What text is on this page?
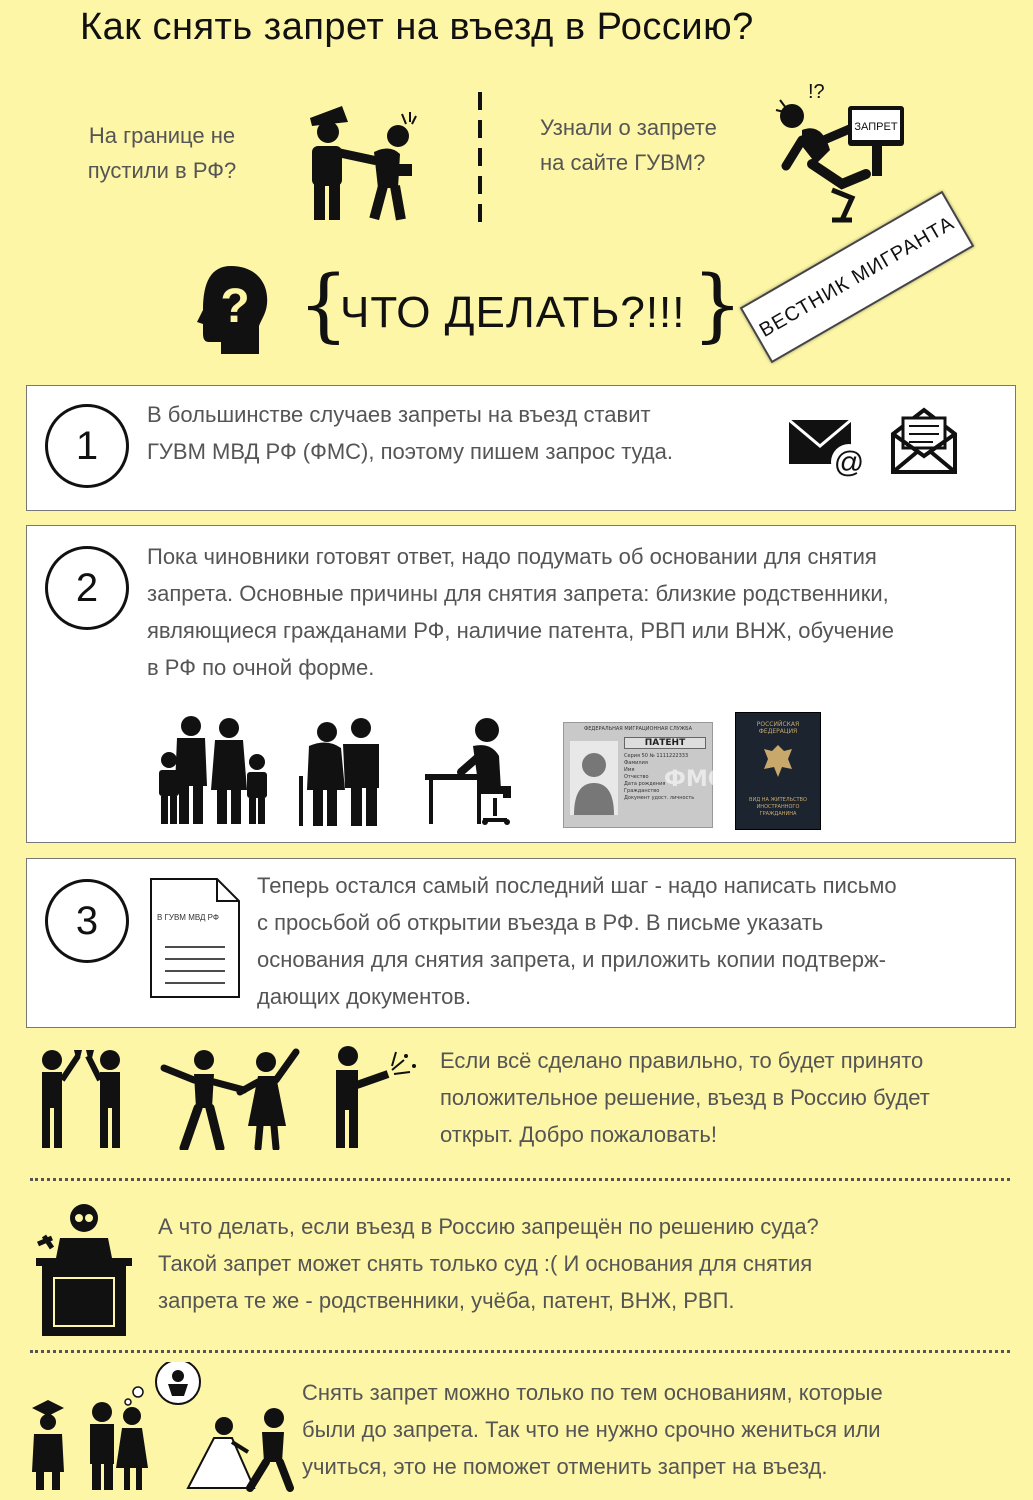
Как снять запрет на въезд в Россию?
На границе не
пустили в РФ?
Узнали о запрете
на сайте ГУВМ?
ЗАПРЕТ
!?
? {
ЧТО ДЕЛАТЬ?!!! } ВЕСТНИК МИГРАНТА
1
В большинстве случаев запреты на въезд ставит
ГУВМ МВД РФ (ФМС), поэтому пишем запрос туда.	@
2
Пока чиновники готовят ответ, надо подумать об основании для снятия
запрета. Основные причины для снятия запрета: близкие родственники,
являющиеся гражданами РФ, наличие патента, РВП или ВНЖ, обучение
в РФ по очной форме.
ФЕДЕРАЛЬНАЯ МИГРАЦИОННАЯ СЛУЖБА
ПАТЕНТ
Серия 50 № 1111222333
Фамилия
Имя
Отчество
Дата рождения
Гражданство
Документ удост. личность
ФМС
РОССИЙСКАЯ
ФЕДЕРАЦИЯ
ВИД НА ЖИТЕЛЬСТВО
ИНОСТРАННОГО
ГРАЖДАНИНА
3	В ГУВМ МВД РФ
Теперь остался самый последний шаг - надо написать письмо
с просьбой об открытии въезда в РФ. В письме указать
основания для снятия запрета, и приложить копии подтверж-
дающих документов.
Если всё сделано правильно, то будет принято
положительное решение, въезд в Россию будет
открыт. Добро пожаловать!
А что делать, если въезд в Россию запрещён по решению суда?
Такой запрет может снять только суд :( И основания для снятия
запрета те же - родственники, учёба, патент, ВНЖ, РВП.
Снять запрет можно только по тем основаниям, которые
были до запрета. Так что не нужно срочно жениться или
учиться, это не поможет отменить запрет на въезд.
